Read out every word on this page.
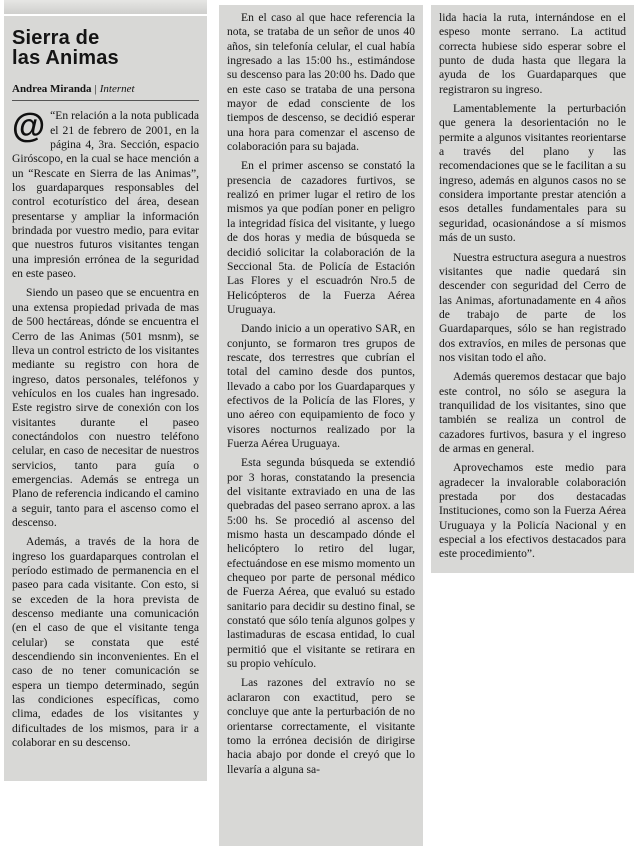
Sierra de
las Animas
Andrea Miranda | Internet
@ “En relación a la nota publicada el 21 de febrero de 2001, en la página 4, 3ra. Sección, espacio Giróscopo, en la cual se hace mención a un “Rescate en Sierra de las Animas”, los guardaparques responsables del control ecoturístico del área, desean presentarse y ampliar la información brindada por vuestro medio, para evitar que nuestros futuros visitantes tengan una impresión errónea de la seguridad en este paseo.

Siendo un paseo que se encuentra en una extensa propiedad privada de mas de 500 hectáreas, dónde se encuentra el Cerro de las Animas (501 msnm), se lleva un control estricto de los visitantes mediante su registro con hora de ingreso, datos personales, teléfonos y vehículos en los cuales han ingresado. Este registro sirve de conexión con los visitantes durante el paseo conectándolos con nuestro teléfono celular, en caso de necesitar de nuestros servicios, tanto para guía o emergencias. Además se entrega un Plano de referencia indicando el camino a seguir, tanto para el ascenso como el descenso.

Además, a través de la hora de ingreso los guardaparques controlan el período estimado de permanencia en el paseo para cada visitante. Con esto, si se exceden de la hora prevista de descenso mediante una comunicación (en el caso de que el visitante tenga celular) se constata que esté descendiendo sin inconvenientes. En el caso de no tener comunicación se espera un tiempo determinado, según las condiciones específicas, como clima, edades de los visitantes y dificultades de los mismos, para ir a colaborar en su descenso.

En el caso al que hace referencia la nota, se trataba de un señor de unos 40 años, sin telefonía celular, el cual había ingresado a las 15:00 hs., estimándose su descenso para las 20:00 hs. Dado que en este caso se trataba de una persona mayor de edad consciente de los tiempos de descenso, se decidió esperar una hora para comenzar el ascenso de colaboración para su bajada.

En el primer ascenso se constató la presencia de cazadores furtivos, se realizó en primer lugar el retiro de los mismos ya que podían poner en peligro la integridad física del visitante, y luego de dos horas y media de búsqueda se decidió solicitar la colaboración de la Seccional 5ta. de Policía de Estación Las Flores y el escuadrón Nro.5 de Helicópteros de la Fuerza Aérea Uruguaya.

Dando inicio a un operativo SAR, en conjunto, se formaron tres grupos de rescate, dos terrestres que cubrían el total del camino desde dos puntos, llevado a cabo por los Guardaparques y efectivos de la Policía de las Flores, y uno aéreo con equipamiento de foco y visores nocturnos realizado por la Fuerza Aérea Uruguaya.

Esta segunda búsqueda se extendió por 3 horas, constatando la presencia del visitante extraviado en una de las quebradas del paseo serrano aprox. a las 5:00 hs. Se procedió al ascenso del mismo hasta un descampado dónde el helicóptero lo retiro del lugar, efectuándose en ese mismo momento un chequeo por parte de personal médico de Fuerza Aérea, que evaluó su estado sanitario para decidir su destino final, se constató que sólo tenía algunos golpes y lastimaduras de escasa entidad, lo cual permitió que el visitante se retirara en su propio vehículo.

Las razones del extravío no se aclararon con exactitud, pero se concluye que ante la perturbación de no orientarse correctamente, el visitante tomo la errónea decisión de dirigirse hacia abajo por donde el creyó que lo llevaría a alguna sa-

lida hacia la ruta, internándose en el espeso monte serrano. La actitud correcta hubiese sido esperar sobre el punto de duda hasta que llegara la ayuda de los Guardaparques que registraron su ingreso.

Lamentablemente la perturbación que genera la desorientación no le permite a algunos visitantes reorientarse a través del plano y las recomendaciones que se le facilitan a su ingreso, además en algunos casos no se considera importante prestar atención a esos detalles fundamentales para su seguridad, ocasionándose a sí mismos más de un susto.

Nuestra estructura asegura a nuestros visitantes que nadie quedará sin descender con seguridad del Cerro de las Animas, afortunadamente en 4 años de trabajo de parte de los Guardaparques, sólo se han registrado dos extravíos, en miles de personas que nos visitan todo el año.

Además queremos destacar que bajo este control, no sólo se asegura la tranquilidad de los visitantes, sino que también se realiza un control de cazadores furtivos, basura y el ingreso de armas en general.

Aprovechamos este medio para agradecer la invalorable colaboración prestada por dos destacadas Instituciones, como son la Fuerza Aérea Uruguaya y la Policía Nacional y en especial a los efectivos destacados para este procedimiento”.
